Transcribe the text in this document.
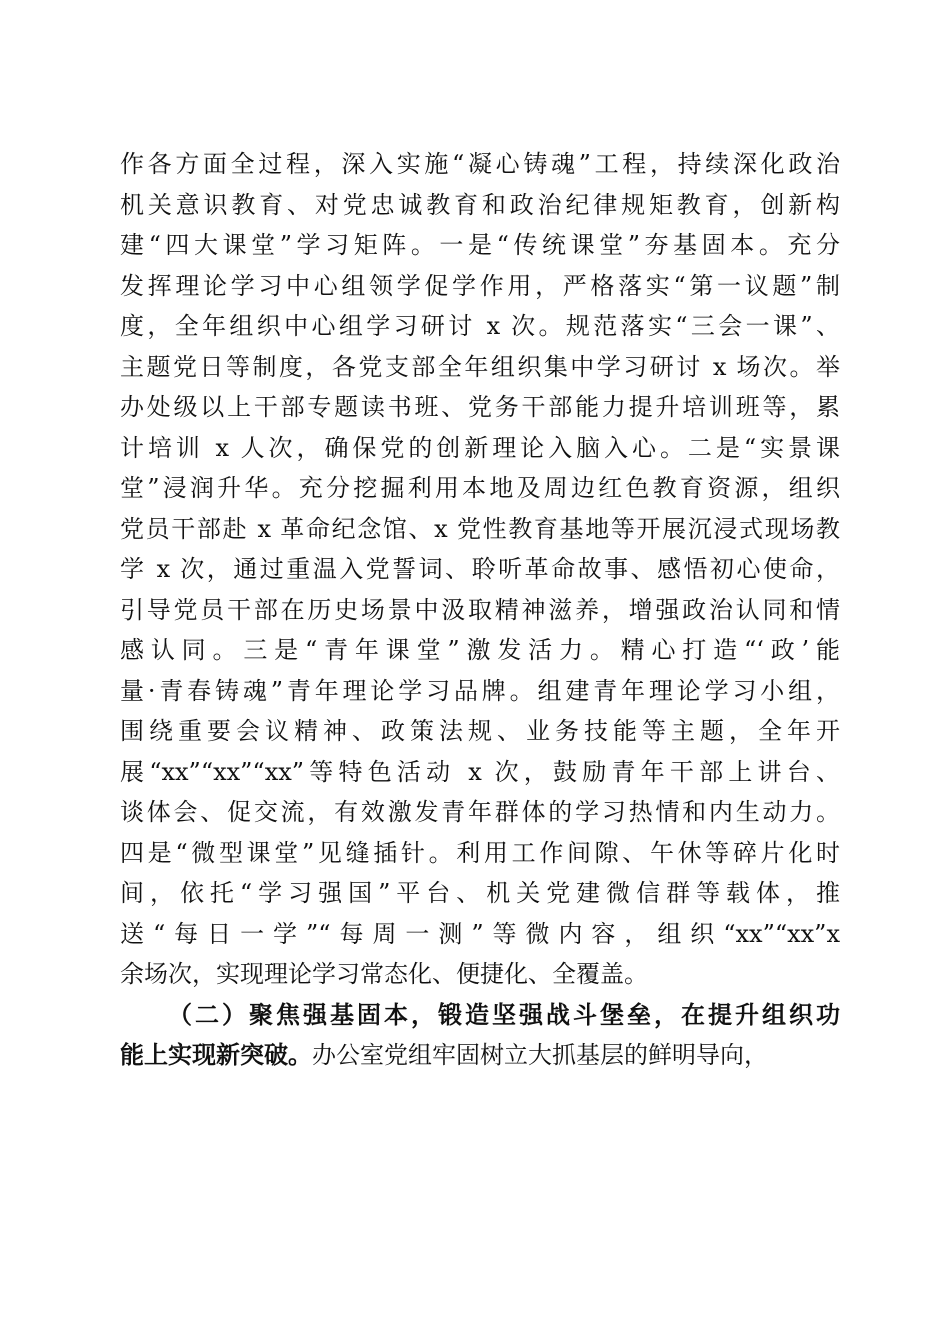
作各方面全过程，深入实施“凝心铸魂”工程，持续深化政治
机关意识教育、对党忠诚教育和政治纪律规矩教育，创新构
建“四大课堂”学习矩阵。一是“传统课堂”夯基固本。充分
发挥理论学习中心组领学促学作用，严格落实“第一议题”制
度，全年组织中心组学习研讨 x 次。规范落实“三会一课”、
主题党日等制度，各党支部全年组织集中学习研讨 x 场次。举
办处级以上干部专题读书班、党务干部能力提升培训班等，累
计培训 x 人次，确保党的创新理论入脑入心。二是“实景课
堂”浸润升华。充分挖掘利用本地及周边红色教育资源，组织
党员干部赴 x 革命纪念馆、x 党性教育基地等开展沉浸式现场教
学 x 次，通过重温入党誓词、聆听革命故事、感悟初心使命，
引导党员干部在历史场景中汲取精神滋养，增强政治认同和情
感认同。三是“青年课堂”激发活力。精心打造“‘政’能
量·青春铸魂”青年理论学习品牌。组建青年理论学习小组，
围绕重要会议精神、政策法规、业务技能等主题，全年开
展“xx”“xx”“xx”等特色活动 x 次，鼓励青年干部上讲台、
谈体会、促交流，有效激发青年群体的学习热情和内生动力。
四是“微型课堂”见缝插针。利用工作间隙、午休等碎片化时
间，依托“学习强国”平台、机关党建微信群等载体，推
送“每日一学”“每周一测”等微内容，组织“xx”“xx”x
余场次，实现理论学习常态化、便捷化、全覆盖。
（二）聚焦强基固本，锻造坚强战斗堡垒，在提升组织功
能上实现新突破。办公室党组牢固树立大抓基层的鲜明导向，
